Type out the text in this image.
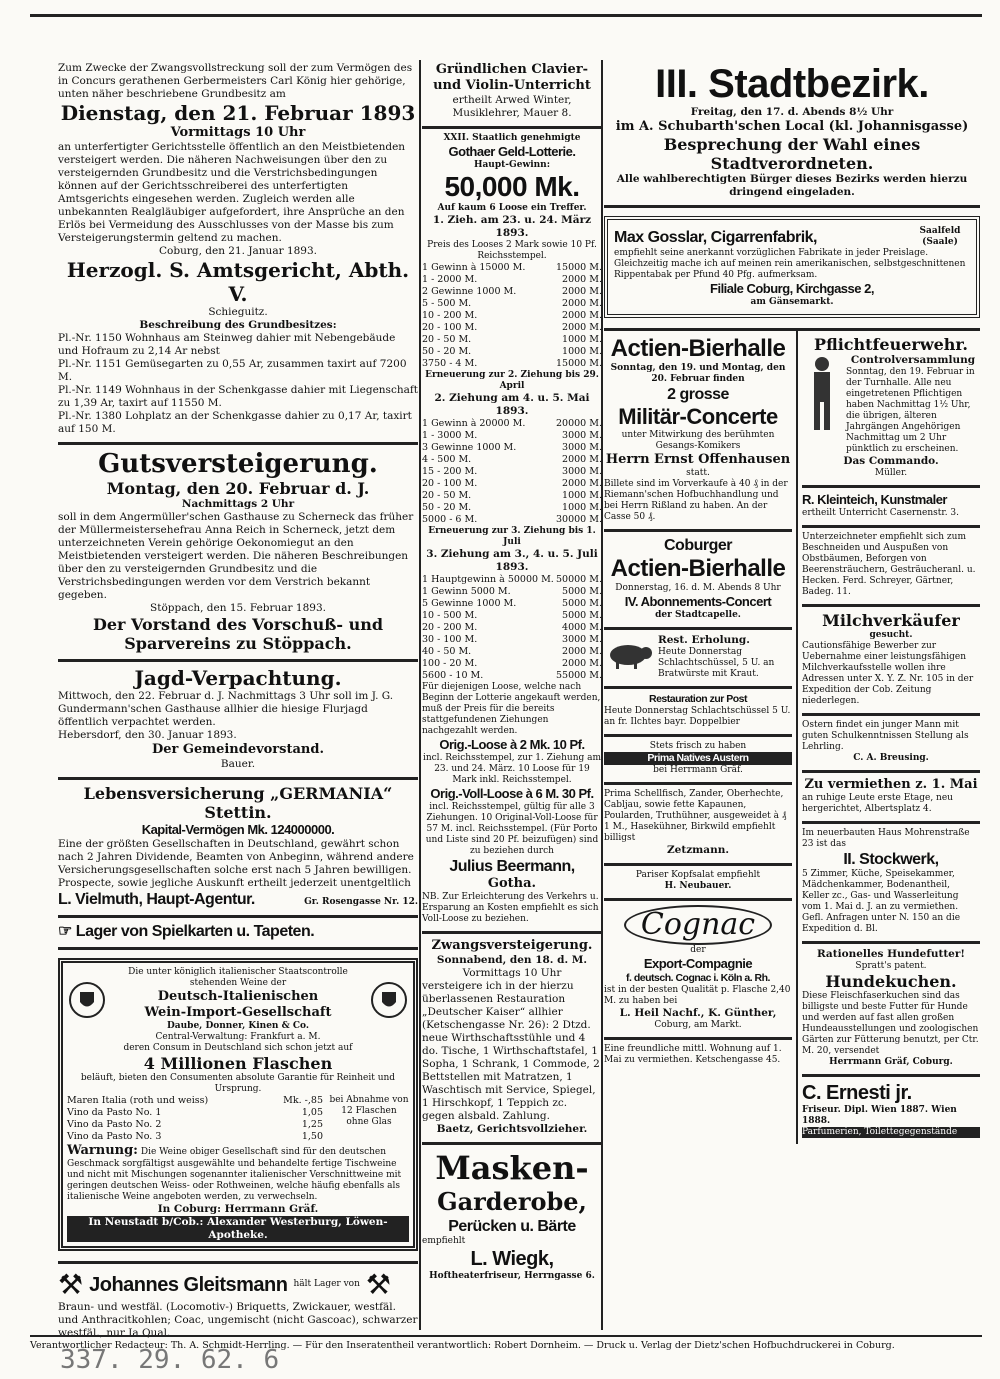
Zum Zwecke der Zwangsvollstreckung soll der zum Vermögen des in Concurs gerathenen Gerbermeisters Carl König hier gehörige, unten näher beschriebene Grundbesitz am

Dienstag, den 21. Februar 1893
Vormittags 10 Uhr

an unterfertigter Gerichtsstelle öffentlich an den Meistbietenden versteigert werden. Die näheren Nachweisungen über den zu versteigernden Grundbesitz und die Verstrichsbedingungen können auf der Gerichtsschreiberei des unterfertigten Amtsgerichts eingesehen werden. Zugleich werden alle unbekannten Realgläubiger aufgefordert, ihre Ansprüche an den Erlös bei Vermeidung des Ausschlusses von der Masse bis zum Versteigerungstermin geltend zu machen.

Coburg, den 21. Januar 1893.

Herzogl. S. Amtsgericht, Abth. V.
Schieguitz.
Beschreibung des Grundbesitzes:

Pl.-Nr. 1150 Wohnhaus am Steinweg dahier mit Nebengebäude und Hofraum zu 2,14 Ar nebst

Pl.-Nr. 1151 Gemüsegarten zu 0,55 Ar, zusammen taxirt auf 7200 M.

Pl.-Nr. 1149 Wohnhaus in der Schenkgasse dahier mit Liegenschaft zu 1,39 Ar, taxirt auf 11550 M.

Pl.-Nr. 1380 Lohplatz an der Schenkgasse dahier zu 0,17 Ar, taxirt auf 150 M.

Gutsversteigerung.
Montag, den 20. Februar d. J.
Nachmittags 2 Uhr

soll in dem Angermüller'schen Gasthause zu Scherneck das früher der Müllermeistersehefrau Anna Reich in Scherneck, jetzt dem unterzeichneten Verein gehörige Oekonomiegut an den Meistbietenden versteigert werden. Die näheren Beschreibungen über den zu versteigernden Grundbesitz und die Verstrichsbedingungen werden vor dem Verstrich bekannt gegeben.

Stöppach, den 15. Februar 1893.

Der Vorstand des Vorschuß- und Sparvereins zu Stöppach.
Jagd-Verpachtung.

Mittwoch, den 22. Februar d. J. Nachmittags 3 Uhr soll im J. G. Gundermann'schen Gasthause allhier die hiesige Flurjagd öffentlich verpachtet werden.

Hebersdorf, den 30. Januar 1893.

Der Gemeindevorstand.
Bauer.
Lebensversicherung „GERMANIA“ Stettin.
Kapital-Vermögen Mk. 124000000.

Eine der größten Gesellschaften in Deutschland, gewährt schon nach 2 Jahren Dividende, Beamten von Anbeginn, während andere Versicherungsgesellschaften solche erst nach 5 Jahren bewilligen. Prospecte, sowie jegliche Auskunft ertheilt jederzeit unentgeltlich

L. Vielmuth, Haupt-Agentur.	Gr. Rosengasse Nr. 12.
☞ Lager von Spielkarten u. Tapeten.
Die unter königlich italienischer Staatscontrolle stehenden Weine der
Deutsch-Italienischen
Wein-Import-Gesellschaft
Daube, Donner, Kinen & Co.
Central-Verwaltung: Frankfurt a. M.
deren Consum in Deutschland sich schon jetzt auf
4 Millionen Flaschen
beläuft, bieten den Consumenten absolute Garantie für Reinheit und Ursprung.
Maren Italia (roth und weiss)	Mk. -,85
Vino da Pasto No. 1	1,05
Vino da Pasto No. 2	1,25
Vino da Pasto No. 3	1,50
bei Abnahme von 12 Flaschen ohne Glas

Warnung: Die Weine obiger Gesellschaft sind für den deutschen Geschmack sorgfältigst ausgewählte und behandelte fertige Tischweine und nicht mit Mischungen sogenannter italienischer Verschnittweine mit geringen deutschen Weiss- oder Rothweinen, welche häufig ebenfalls als italienische Weine angeboten werden, zu verwechseln.

In Coburg: Herrmann Gräf.
In Neustadt b/Cob.: Alexander Westerburg, Löwen-Apotheke.
⚒ Johannes Gleitsmann hält Lager von ⚒

Braun- und westfäl. (Locomotiv-) Briquetts, Zwickauer, westfäl. und Anthracitkohlen; Coac, ungemischt (nicht Gascoac), schwarzer westfäl., nur Ia Qual.

Gründlichen Clavier- und Violin-Unterricht
ertheilt Arwed Winter,
Musiklehrer, Mauer 8.
XXII. Staatlich genehmigte
Gothaer Geld-Lotterie.
Haupt-Gewinn:
50,000 Mk.
Auf kaum 6 Loose ein Treffer.
1. Zieh. am 23. u. 24. März 1893.
Preis des Looses 2 Mark sowie 10 Pf. Reichsstempel.
1 Gewinn à 15000 M.	15000 M.
1 - 2000 M.	2000 M.
2 Gewinne 1000 M.	2000 M.
5 - 500 M.	2000 M.
10 - 200 M.	2000 M.
20 - 100 M.	2000 M.
20 - 50 M.	1000 M.
50 - 20 M.	1000 M.
3750 - 4 M.	15000 M.
Erneuerung zur 2. Ziehung bis 29. April
2. Ziehung am 4. u. 5. Mai 1893.
1 Gewinn à 20000 M.	20000 M.
1 - 3000 M.	3000 M.
3 Gewinne 1000 M.	3000 M.
4 - 500 M.	2000 M.
15 - 200 M.	3000 M.
20 - 100 M.	2000 M.
20 - 50 M.	1000 M.
50 - 20 M.	1000 M.
5000 - 6 M.	30000 M.
Erneuerung zur 3. Ziehung bis 1. Juli
3. Ziehung am 3., 4. u. 5. Juli 1893.
1 Hauptgewinn à 50000 M. 50000 M.
1 Gewinn 5000 M.	5000 M.
5 Gewinne 1000 M.	5000 M.
10 - 500 M.	5000 M.
20 - 200 M.	4000 M.
30 - 100 M.	3000 M.
40 - 50 M.	2000 M.
100 - 20 M.	2000 M.
5600 - 10 M.	55000 M.

Für diejenigen Loose, welche nach Beginn der Lotterie angekauft werden, muß der Preis für die bereits stattgefundenen Ziehungen nachgezahlt werden.

Orig.-Loose à 2 Mk. 10 Pf.

incl. Reichsstempel, zur 1. Ziehung am 23. und 24. März. 10 Loose für 19 Mark inkl. Reichsstempel.

Orig.-Voll-Loose à 6 M. 30 Pf.

incl. Reichsstempel, gültig für alle 3 Ziehungen. 10 Original-Voll-Loose für 57 M. incl. Reichsstempel. (Für Porto und Liste sind 20 Pf. beizufügen) sind zu beziehen durch

Julius Beermann,
Gotha.

NB. Zur Erleichterung des Verkehrs u. Ersparung an Kosten empfiehlt es sich Voll-Loose zu beziehen.

Zwangsversteigerung.
Sonnabend, den 18. d. M.
Vormittags 10 Uhr

versteigere ich in der hierzu überlassenen Restauration „Deutscher Kaiser“ allhier (Ketschengasse Nr. 26): 2 Dtzd. neue Wirthschaftsstühle und 4 do. Tische, 1 Wirthschaftstafel, 1 Sopha, 1 Schrank, 1 Commode, 2 Bettstellen mit Matratzen, 1 Waschtisch mit Service, Spiegel, 1 Hirschkopf, 1 Teppich zc. gegen alsbald. Zahlung.

Baetz, Gerichtsvollzieher.
Masken-
Garderobe,
Perücken u. Bärte
empfiehlt
L. Wiegk,
Hoftheaterfriseur, Herrngasse 6.
III. Stadtbezirk.
Freitag, den 17. d. Abends 8½ Uhr
im A. Schubarth'schen Local (kl. Johannisgasse)
Besprechung der Wahl eines
Stadtverordneten.
Alle wahlberechtigten Bürger dieses Bezirks werden hierzu dringend eingeladen.
Max Gosslar, Cigarrenfabrik,	Saalfeld (Saale)

empfiehlt seine anerkannt vorzüglichen Fabrikate in jeder Preislage. Gleichzeitig mache ich auf meinen rein amerikanischen, selbstgeschnittenen Rippentabak per Pfund 40 Pfg. aufmerksam.

Filiale Coburg, Kirchgasse 2,
am Gänsemarkt.
Actien-Bierhalle
Sonntag, den 19. und Montag, den 20. Februar finden
2 grosse
Militär-Concerte
unter Mitwirkung des berühmten Gesangs-Komikers
Herrn Ernst Offenhausen
statt.

Billete sind im Vorverkaufe à 40 ₰ in der Riemann'schen Hofbuchhandlung und bei Herrn Rißland zu haben. An der Casse 50 ₰.

Coburger
Actien-Bierhalle
Donnerstag, 16. d. M. Abends 8 Uhr
IV. Abonnements-Concert
der Stadtcapelle.
Rest. Erholung.
Heute Donnerstag Schlachtschüssel, 5 U. an Bratwürste mit Kraut.
Restauration zur Post
Heute Donnerstag Schlachtschüssel 5 U. an fr. Ilchtes bayr. Doppelbier
Stets frisch zu haben
Prima Natives Austern
bei Herrmann Gräf.

Prima Schellfisch, Zander, Oberhechte, Cabljau, sowie fette Kapaunen, Poularden, Truthühner, ausgeweidet à ₰ 1 M., Hasekühner, Birkwild empfiehlt billigst

Zetzmann.
Pariser Kopfsalat empfiehlt
H. Neubauer.
Cognac
der
Export-Compagnie
f. deutsch. Cognac i. Köln a. Rh.
ist in der besten Qualität p. Flasche 2,40 M. zu haben bei
L. Heil Nachf., K. Günther,
Coburg, am Markt.

Eine freundliche mittl. Wohnung auf 1. Mai zu vermiethen. Ketschengasse 45.

Pflichtfeuerwehr.
Controlversammlung

Sonntag, den 19. Februar in der Turnhalle. Alle neu eingetretenen Pflichtigen haben Nachmittag 1½ Uhr, die übrigen, älteren Jahrgängen Angehörigen Nachmittag um 2 Uhr pünktlich zu erscheinen.

Das Commando.
Müller.
R. Kleinteich, Kunstmaler
ertheilt Unterricht Casernenstr. 3.

Unterzeichneter empfiehlt sich zum Beschneiden und Auspußen von Obstbäumen, Beforgen von Beerensträuchern, Gesträucheranl. u. Hecken. Ferd. Schreyer, Gärtner, Badeg. 11.

Milchverkäufer
gesucht.

Cautionsfähige Bewerber zur Uebernahme einer leistungsfähigen Milchverkaufsstelle wollen ihre Adressen unter X. Y. Z. Nr. 105 in der Expedition der Cob. Zeitung niederlegen.

Ostern findet ein junger Mann mit guten Schulkenntnissen Stellung als Lehrling.

C. A. Breusing.
Zu vermiethen z. 1. Mai

an ruhige Leute erste Etage, neu hergerichtet, Albertsplatz 4.

Im neuerbauten Haus Mohrenstraße 23 ist das

II. Stockwerk,

5 Zimmer, Küche, Speisekammer, Mädchenkammer, Bodenantheil, Keller zc., Gas- und Wasserleitung vom 1. Mai d. J. an zu vermiethen. Gefl. Anfragen unter N. 150 an die Expedition d. Bl.

Rationelles Hundefutter!
Spratt's patent.
Hundekuchen.

Diese Fleischfaserkuchen sind das billigste und beste Futter für Hunde und werden auf fast allen großen Hundeausstellungen und zoologischen Gärten zur Fütterung benutzt, per Ctr. M. 20, versendet

Herrmann Gräf, Coburg.
C. Ernesti jr.
Friseur. Dipl. Wien 1887. Wien 1888.
Parfumerien, Toilettegegenstände
Verantwortlicher Redacteur: Th. A. Schmidt-Herrling. — Für den Inseratentheil verantwortlich: Robert Dornheim. — Druck u. Verlag der Dietz'schen Hofbuchdruckerei in Coburg.
337. 29. 62. 6
